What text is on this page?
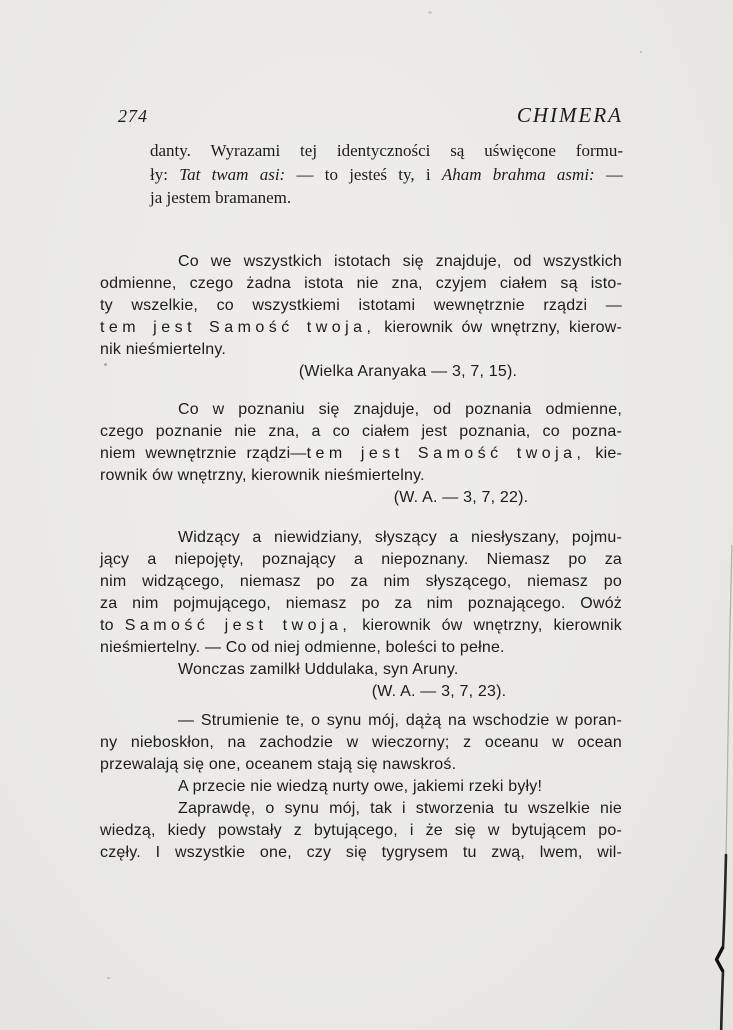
274	CHIMERA
danty. Wyrazami tej identyczności są uświęcone formu-
ły: Tat twam asi: — to jesteś ty, i Aham brahma asmi: —
ja jestem bramanem.
Co we wszystkich istotach się znajduje, od wszystkich
odmienne, czego żadna istota nie zna, czyjem ciałem są isto-
ty wszelkie, co wszystkiemi istotami wewnętrznie rządzi —
tem jest Samość twoja, kierownik ów wnętrzny, kierow-
nik nieśmiertelny.
(Wielka Aranyaka — 3, 7, 15).
Co w poznaniu się znajduje, od poznania odmienne,
czego poznanie nie zna, a co ciałem jest poznania, co pozna-
niem wewnętrznie rządzi—tem jest Samość twoja, kie-
rownik ów wnętrzny, kierownik nieśmiertelny.
(W. A. — 3, 7, 22).
Widzący a niewidziany, słyszący a niesłyszany, pojmu-
jący a niepojęty, poznający a niepoznany. Niemasz po za
nim widzącego, niemasz po za nim słyszącego, niemasz po
za nim pojmującego, niemasz po za nim poznającego. Owóż
to Samość jest twoja, kierownik ów wnętrzny, kierownik
nieśmiertelny. — Co od niej odmienne, boleści to pełne.
Wonczas zamilkł Uddulaka, syn Aruny.
(W. A. — 3, 7, 23).
— Strumienie te, o synu mój, dążą na wschodzie w poran-
ny nieboskłon, na zachodzie w wieczorny; z oceanu w ocean
przewalają się one, oceanem stają się nawskroś.
A przecie nie wiedzą nurty owe, jakiemi rzeki były!
Zaprawdę, o synu mój, tak i stworzenia tu wszelkie nie
wiedzą, kiedy powstały z bytującego, i że się w bytującem po-
częły. I wszystkie one, czy się tygrysem tu zwą, lwem, wil-
